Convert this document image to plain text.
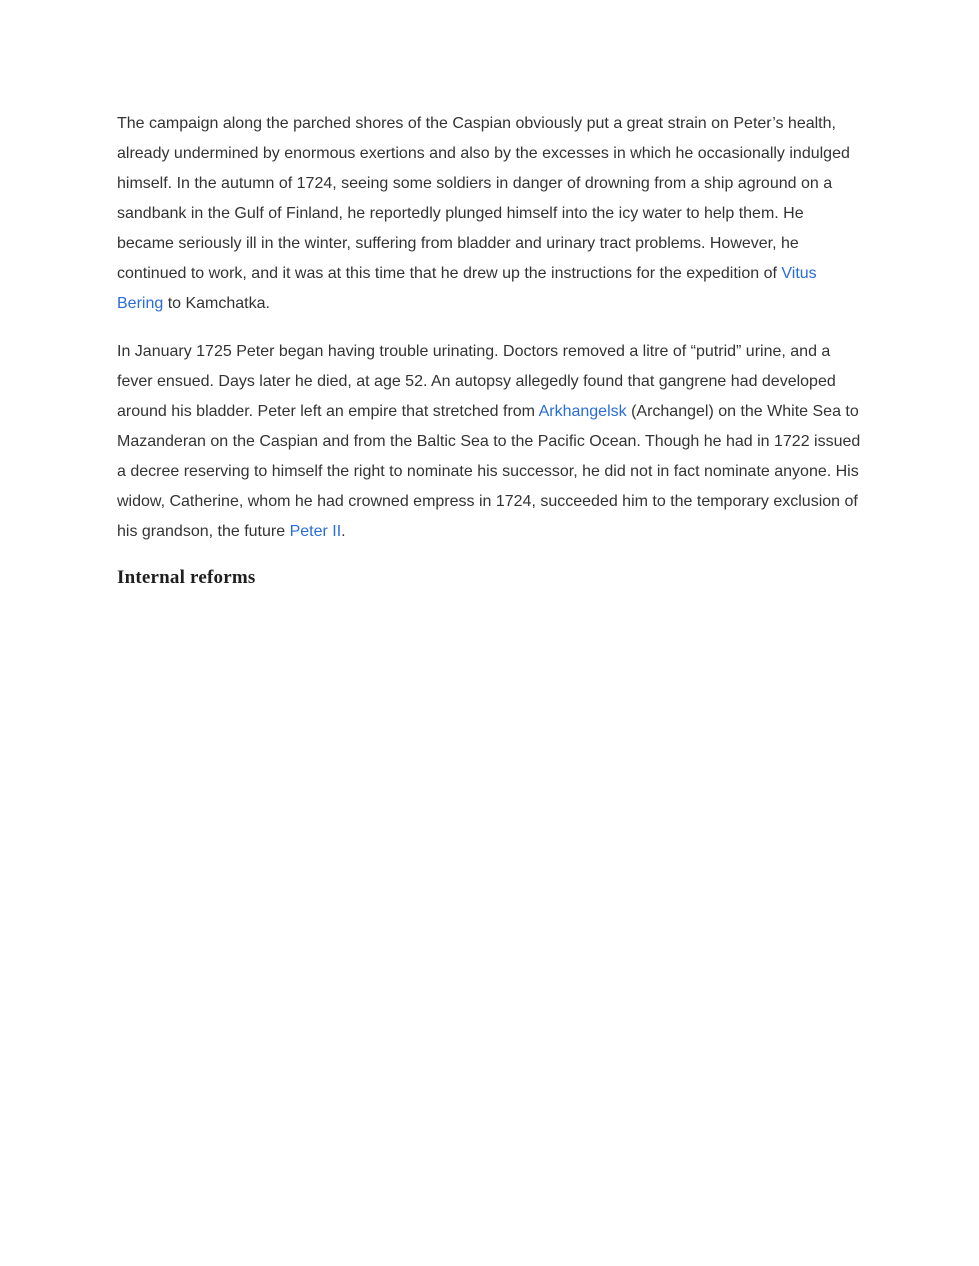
The campaign along the parched shores of the Caspian obviously put a great strain on Peter’s health, already undermined by enormous exertions and also by the excesses in which he occasionally indulged himself. In the autumn of 1724, seeing some soldiers in danger of drowning from a ship aground on a sandbank in the Gulf of Finland, he reportedly plunged himself into the icy water to help them. He became seriously ill in the winter, suffering from bladder and urinary tract problems. However, he continued to work, and it was at this time that he drew up the instructions for the expedition of Vitus Bering to Kamchatka.

In January 1725 Peter began having trouble urinating. Doctors removed a litre of “putrid” urine, and a fever ensued. Days later he died, at age 52. An autopsy allegedly found that gangrene had developed around his bladder. Peter left an empire that stretched from Arkhangelsk (Archangel) on the White Sea to Mazanderan on the Caspian and from the Baltic Sea to the Pacific Ocean. Though he had in 1722 issued a decree reserving to himself the right to nominate his successor, he did not in fact nominate anyone. His widow, Catherine, whom he had crowned empress in 1724, succeeded him to the temporary exclusion of his grandson, the future Peter II.

Internal reforms
